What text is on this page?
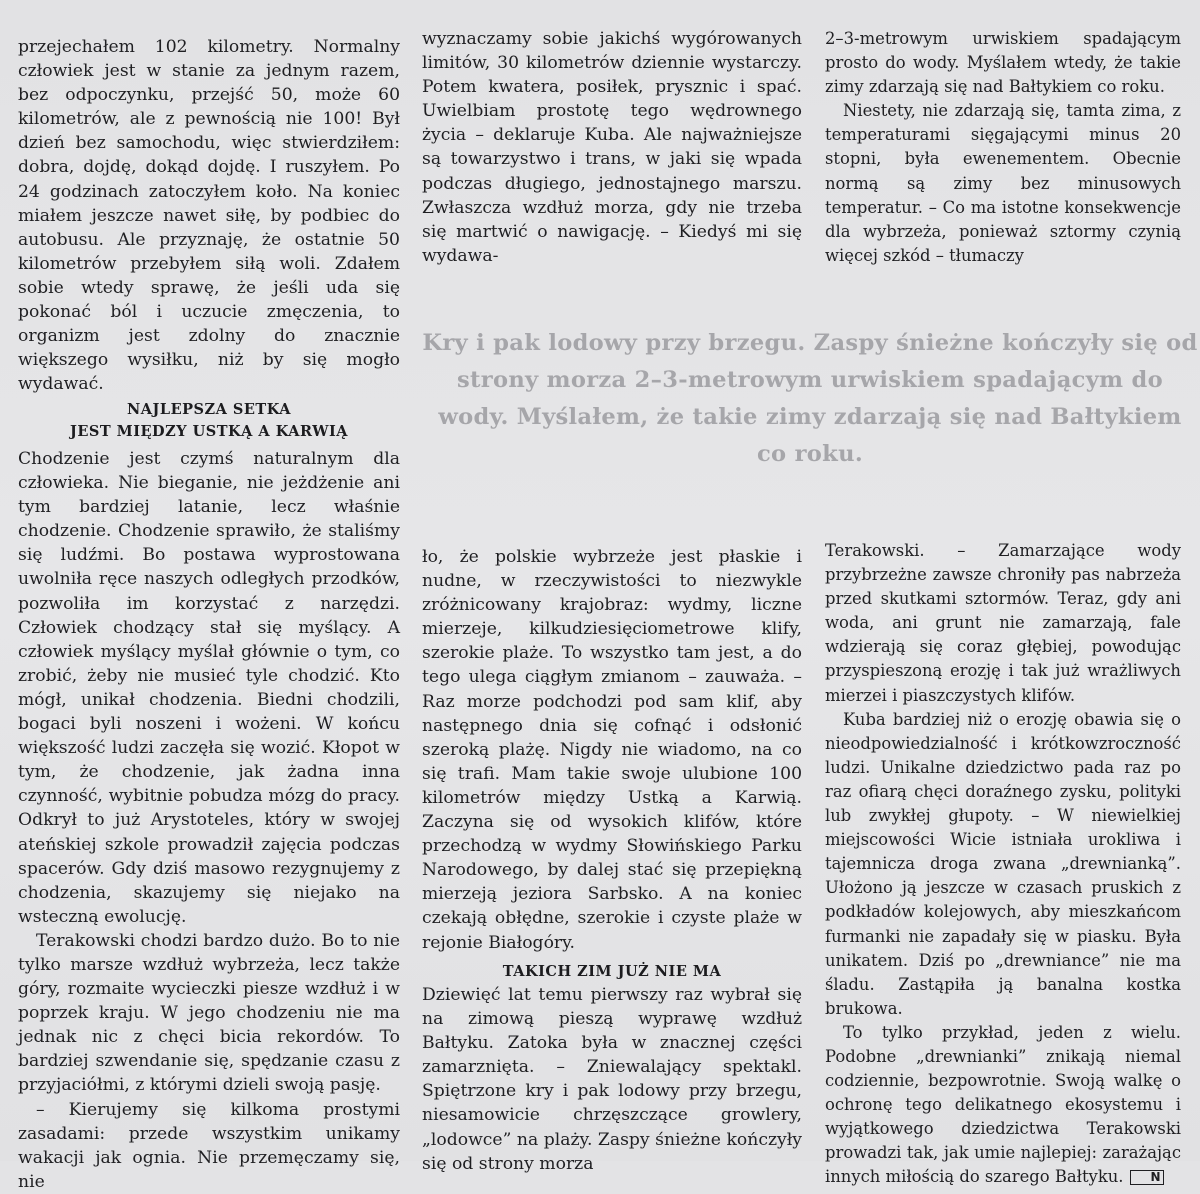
przejechałem 102 kilometry. Normalny człowiek jest w stanie za jednym razem, bez odpoczynku, przejść 50, może 60 kilometrów, ale z pewnością nie 100! Był dzień bez samochodu, więc stwierdziłem: dobra, dojdę, dokąd dojdę. I ruszyłem. Po 24 godzinach zatoczyłem koło. Na koniec miałem jeszcze nawet siłę, by podbiec do autobusu. Ale przyznaję, że ostatnie 50 kilometrów przebyłem siłą woli. Zdałem sobie wtedy sprawę, że jeśli uda się pokonać ból i uczucie zmęczenia, to organizm jest zdolny do znacznie większego wysiłku, niż by się mogło wydawać.

NAJLEPSZA SETKA
JEST MIĘDZY USTKĄ A KARWIĄ

Chodzenie jest czymś naturalnym dla człowieka. Nie bieganie, nie jeżdżenie ani tym bardziej latanie, lecz właśnie chodzenie. Chodzenie sprawiło, że staliśmy się ludźmi. Bo postawa wyprostowana uwolniła ręce naszych odległych przodków, pozwoliła im korzystać z narzędzi. Człowiek chodzący stał się myślący. A człowiek myślący myślał głównie o tym, co zrobić, żeby nie musieć tyle chodzić. Kto mógł, unikał chodzenia. Biedni chodzili, bogaci byli noszeni i wożeni. W końcu większość ludzi zaczęła się wozić. Kłopot w tym, że chodzenie, jak żadna inna czynność, wybitnie pobudza mózg do pracy. Odkrył to już Arystoteles, który w swojej ateńskiej szkole prowadził zajęcia podczas spacerów. Gdy dziś masowo rezygnujemy z chodzenia, skazujemy się niejako na wsteczną ewolucję.

Terakowski chodzi bardzo dużo. Bo to nie tylko marsze wzdłuż wybrzeża, lecz także góry, rozmaite wycieczki piesze wzdłuż i w poprzek kraju. W jego chodzeniu nie ma jednak nic z chęci bicia rekordów. To bardziej szwendanie się, spędzanie czasu z przyjaciółmi, z którymi dzieli swoją pasję.

– Kierujemy się kilkoma prostymi zasadami: przede wszystkim unikamy wakacji jak ognia. Nie przemęczamy się, nie

wyznaczamy sobie jakichś wygórowanych limitów, 30 kilometrów dziennie wystarczy. Potem kwatera, posiłek, prysznic i spać. Uwielbiam prostotę tego wędrownego życia – deklaruje Kuba. Ale najważniejsze są towarzystwo i trans, w jaki się wpada podczas długiego, jednostajnego marszu. Zwłaszcza wzdłuż morza, gdy nie trzeba się martwić o nawigację. – Kiedyś mi się wydawa-

2–3-metrowym urwiskiem spadającym prosto do wody. Myślałem wtedy, że takie zimy zdarzają się nad Bałtykiem co roku.

Niestety, nie zdarzają się, tamta zima, z temperaturami sięgającymi minus 20 stopni, była ewenementem. Obecnie normą są zimy bez minusowych temperatur. – Co ma istotne konsekwencje dla wybrzeża, ponieważ sztormy czynią więcej szkód – tłumaczy

Kry i pak lodowy przy brzegu. Zaspy śnieżne kończyły się od strony morza 2–3-metrowym urwiskiem spadającym do wody. Myślałem, że takie zimy zdarzają się nad Bałtykiem co roku.

ło, że polskie wybrzeże jest płaskie i nudne, w rzeczywistości to niezwykle zróżnicowany krajobraz: wydmy, liczne mierzeje, kilkudziesięciometrowe klify, szerokie plaże. To wszystko tam jest, a do tego ulega ciągłym zmianom – zauważa. – Raz morze podchodzi pod sam klif, aby następnego dnia się cofnąć i odsłonić szeroką plażę. Nigdy nie wiadomo, na co się trafi. Mam takie swoje ulubione 100 kilometrów między Ustką a Karwią. Zaczyna się od wysokich klifów, które przechodzą w wydmy Słowińskiego Parku Narodowego, by dalej stać się przepiękną mierzeją jeziora Sarbsko. A na koniec czekają obłędne, szerokie i czyste plaże w rejonie Białogóry.

TAKICH ZIM JUŻ NIE MA

Dziewięć lat temu pierwszy raz wybrał się na zimową pieszą wyprawę wzdłuż Bałtyku. Zatoka była w znacznej części zamarznięta. – Zniewalający spektakl. Spiętrzone kry i pak lodowy przy brzegu, niesamowicie chrzęszczące growlery, „lodowce” na plaży. Zaspy śnieżne kończyły się od strony morza

Terakowski. – Zamarzające wody przybrzeżne zawsze chroniły pas nabrzeża przed skutkami sztormów. Teraz, gdy ani woda, ani grunt nie zamarzają, fale wdzierają się coraz głębiej, powodując przyspieszoną erozję i tak już wrażliwych mierzei i piaszczystych klifów.

Kuba bardziej niż o erozję obawia się o nieodpowiedzialność i krótkowzroczność ludzi. Unikalne dziedzictwo pada raz po raz ofiarą chęci doraźnego zysku, polityki lub zwykłej głupoty. – W niewielkiej miejscowości Wicie istniała urokliwa i tajemnicza droga zwana „drewnianką”. Ułożono ją jeszcze w czasach pruskich z podkładów kolejowych, aby mieszkańcom furmanki nie zapadały się w piasku. Była unikatem. Dziś po „drewniance” nie ma śladu. Zastąpiła ją banalna kostka brukowa.

To tylko przykład, jeden z wielu. Podobne „drewnianki” znikają niemal codziennie, bezpowrotnie. Swoją walkę o ochronę tego delikatnego ekosystemu i wyjątkowego dziedzictwa Terakowski prowadzi tak, jak umie najlepiej: zarażając innych miłością do szarego Bałtyku. N
